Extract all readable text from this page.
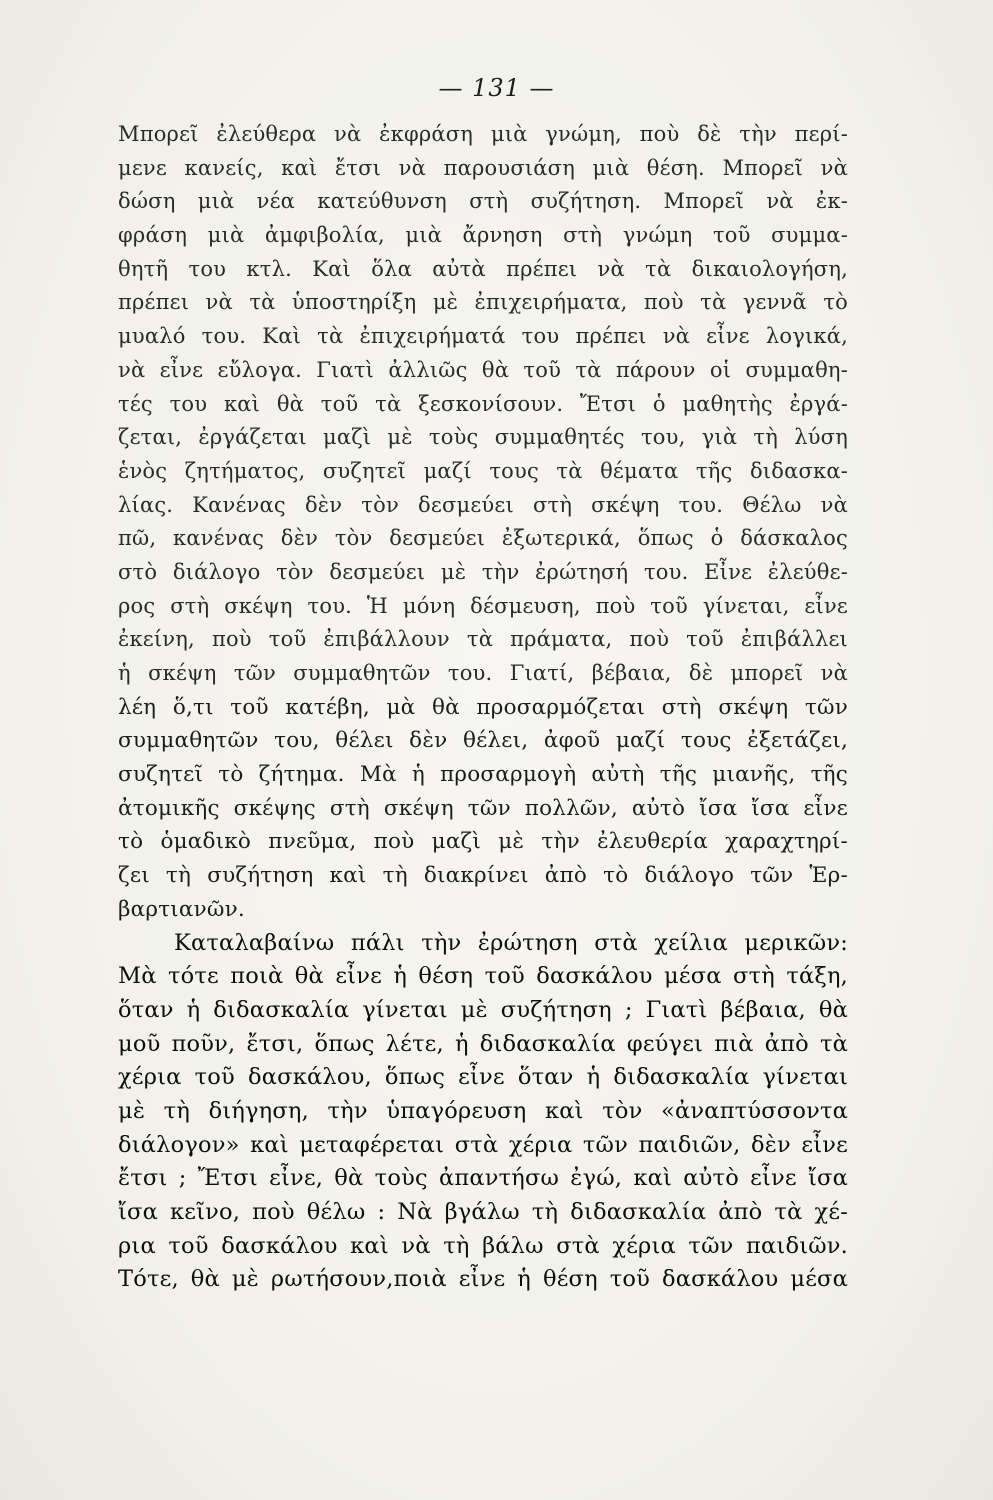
— 131 —
Μπορεῖ ἐλεύθερα νὰ ἐκφράση μιὰ γνώμη, ποὺ δὲ τὴν περί-
μενε κανείς, καὶ ἔτσι νὰ παρουσιάση μιὰ θέση. Μπορεῖ νὰ
δώση μιὰ νέα κατεύθυνση στὴ συζήτηση. Μπορεῖ νὰ ἐκ-
φράση μιὰ ἀμφιβολία, μιὰ ἄρνηση στὴ γνώμη τοῦ συμμα-
θητῆ του κτλ. Καὶ ὅλα αὐτὰ πρέπει νὰ τὰ δικαιολογήση,
πρέπει νὰ τὰ ὑποστηρίξη μὲ ἐπιχειρήματα, ποὺ τὰ γεννᾶ τὸ
μυαλό του. Καὶ τὰ ἐπιχειρήματά του πρέπει νὰ εἶνε λογικά,
νὰ εἶνε εὔλογα. Γιατὶ ἀλλιῶς θὰ τοῦ τὰ πάρουν οἱ συμμαθη-
τές του καὶ θὰ τοῦ τὰ ξεσκονίσουν. Ἔτσι ὁ μαθητὴς ἐργά-
ζεται, ἐργάζεται μαζὶ μὲ τοὺς συμμαθητές του, γιὰ τὴ λύση
ἑνὸς ζητήματος, συζητεῖ μαζί τους τὰ θέματα τῆς διδασκα-
λίας. Κανένας δὲν τὸν δεσμεύει στὴ σκέψη του. Θέλω νὰ
πῶ, κανένας δὲν τὸν δεσμεύει ἐξωτερικά, ὅπως ὁ δάσκαλος
στὸ διάλογο τὸν δεσμεύει μὲ τὴν ἐρώτησή του. Εἶνε ἐλεύθε-
ρος στὴ σκέψη του. Ἡ μόνη δέσμευση, ποὺ τοῦ γίνεται, εἶνε
ἐκείνη, ποὺ τοῦ ἐπιβάλλουν τὰ πράματα, ποὺ τοῦ ἐπιβάλλει
ἡ σκέψη τῶν συμμαθητῶν του. Γιατί, βέβαια, δὲ μπορεῖ νὰ
λέη ὅ,τι τοῦ κατέβη, μὰ θὰ προσαρμόζεται στὴ σκέψη τῶν
συμμαθητῶν του, θέλει δὲν θέλει, ἀφοῦ μαζί τους ἐξετάζει,
συζητεῖ τὸ ζήτημα. Μὰ ἡ προσαρμογὴ αὐτὴ τῆς μιανῆς, τῆς
ἀτομικῆς σκέψης στὴ σκέψη τῶν πολλῶν, αὐτὸ ἴσα ἴσα εἶνε
τὸ ὁμαδικὸ πνεῦμα, ποὺ μαζὶ μὲ τὴν ἐλευθερία χαραχτηρί-
ζει τὴ συζήτηση καὶ τὴ διακρίνει ἀπὸ τὸ διάλογο τῶν Ἑρ-
βαρτιανῶν.
Καταλαβαίνω πάλι τὴν ἐρώτηση στὰ χείλια μερικῶν:
Μὰ τότε ποιὰ θὰ εἶνε ἡ θέση τοῦ δασκάλου μέσα στὴ τάξη,
ὅταν ἡ διδασκαλία γίνεται μὲ συζήτηση ; Γιατὶ βέβαια, θὰ
μοῦ ποῦν, ἔτσι, ὅπως λέτε, ἡ διδασκαλία φεύγει πιὰ ἀπὸ τὰ
χέρια τοῦ δασκάλου, ὅπως εἶνε ὅταν ἡ διδασκαλία γίνεται
μὲ τὴ διήγηση, τὴν ὑπαγόρευση καὶ τὸν «ἀναπτύσσοντα
διάλογον» καὶ μεταφέρεται στὰ χέρια τῶν παιδιῶν, δὲν εἶνε
ἔτσι ; Ἔτσι εἶνε, θὰ τοὺς ἀπαντήσω ἐγώ, καὶ αὐτὸ εἶνε ἴσα
ἴσα κεῖνο, ποὺ θέλω : Νὰ βγάλω τὴ διδασκαλία ἀπὸ τὰ χέ-
ρια τοῦ δασκάλου καὶ νὰ τὴ βάλω στὰ χέρια τῶν παιδιῶν.
Τότε, θὰ μὲ ρωτήσουν,ποιὰ εἶνε ἡ θέση τοῦ δασκάλου μέσα
